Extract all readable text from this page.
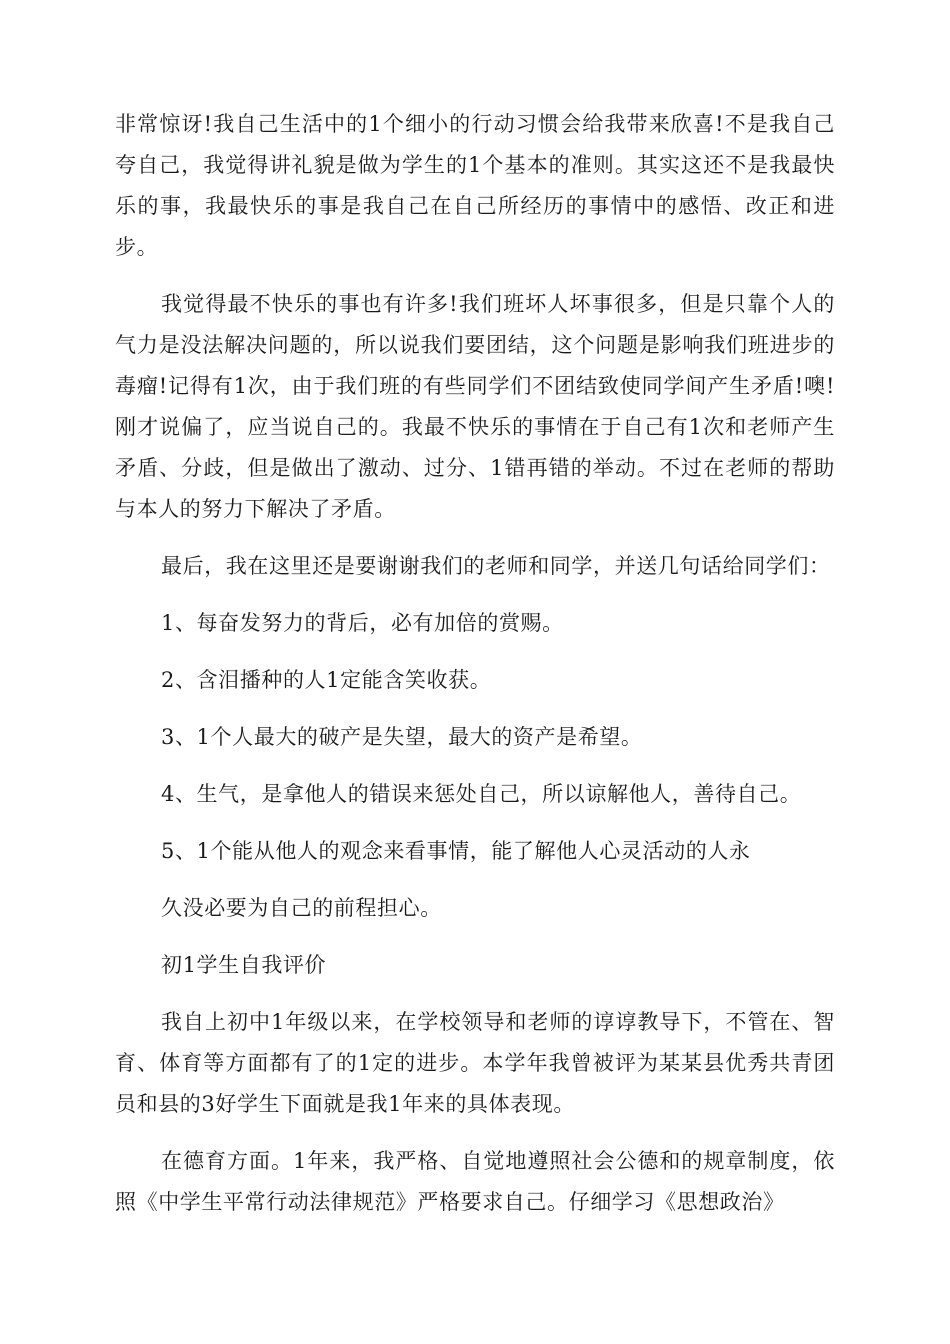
非常惊讶!我自己生活中的1个细小的行动习惯会给我带来欣喜!不是我自己夸自己，我觉得讲礼貌是做为学生的1个基本的准则。其实这还不是我最快乐的事，我最快乐的事是我自己在自己所经历的事情中的感悟、改正和进步。

我觉得最不快乐的事也有许多!我们班坏人坏事很多，但是只靠个人的气力是没法解决问题的，所以说我们要团结，这个问题是影响我们班进步的毒瘤!记得有1次，由于我们班的有些同学们不团结致使同学间产生矛盾!噢!刚才说偏了，应当说自己的。我最不快乐的事情在于自己有1次和老师产生矛盾、分歧，但是做出了激动、过分、1错再错的举动。不过在老师的帮助与本人的努力下解决了矛盾。

最后，我在这里还是要谢谢我们的老师和同学，并送几句话给同学们：

1、每奋发努力的背后，必有加倍的赏赐。
2、含泪播种的人1定能含笑收获。
3、1个人最大的破产是失望，最大的资产是希望。
4、生气，是拿他人的错误来惩处自己，所以谅解他人，善待自己。
5、1个能从他人的观念来看事情，能了解他人心灵活动的人永
久没必要为自己的前程担心。
初1学生自我评价

我自上初中1年级以来，在学校领导和老师的谆谆教导下，不管在、智育、体育等方面都有了的1定的进步。本学年我曾被评为某某县优秀共青团员和县的3好学生下面就是我1年来的具体表现。

在德育方面。1年来，我严格、自觉地遵照社会公德和的规章制度，依照《中学生平常行动法律规范》严格要求自己。仔细学习《思想政治》
